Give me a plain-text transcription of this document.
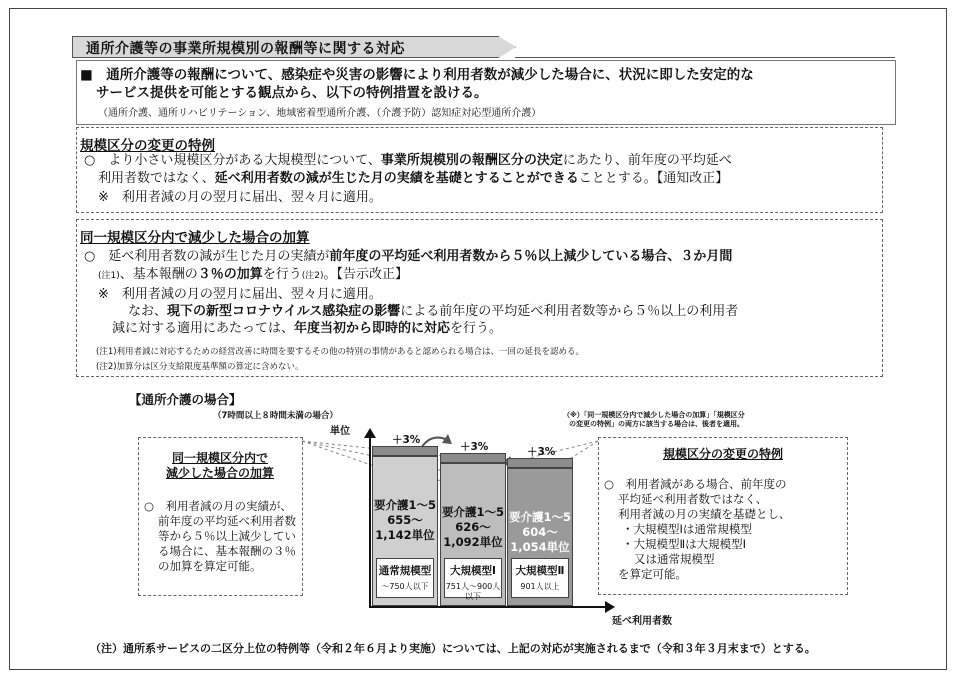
通所介護等の事業所規模別の報酬等に関する対応
■　通所介護等の報酬について、感染症や災害の影響により利用者数が減少した場合に、状況に即した安定的な
サービス提供を可能とする観点から、以下の特例措置を設ける。
（通所介護、通所リハビリテーション、地域密着型通所介護、（介護予防）認知症対応型通所介護）
規模区分の変更の特例
○　より小さい規模区分がある大規模型について、事業所規模別の報酬区分の決定にあたり、前年度の平均延べ
利用者数ではなく、延べ利用者数の減が生じた月の実績を基礎とすることができることとする。【通知改正】
※　利用者減の月の翌月に届出、翌々月に適用。
同一規模区分内で減少した場合の加算
○　延べ利用者数の減が生じた月の実績が前年度の平均延べ利用者数から５％以上減少している場合、３か月間
(注1)、基本報酬の３％の加算を行う(注2)。【告示改正】
※　利用者減の月の翌月に届出、翌々月に適用。
なお、現下の新型コロナウイルス感染症の影響による前年度の平均延べ利用者数等から５％以上の利用者
減に対する適用にあたっては、年度当初から即時的に対応を行う。
(注1)利用者減に対応するための経営改善に時間を要するその他の特別の事情があると認められる場合は、一回の延長を認める。
(注2)加算分は区分支給限度基準額の算定に含めない。
【通所介護の場合】
（7時間以上８時間未満の場合）
単位
（※）「同一規模区分内で減少した場合の加算」「規模区分
の変更の特例」の両方に該当する場合は、後者を適用。
延べ利用者数
＋3%
要介護1～5
655～
1,142単位
通常規模型
～750人以下
＋3%
要介護1～5
626～
1,092単位
大規模型Ⅰ
751人～900人以下
＋3%
要介護1～5
604～
1,054単位
大規模型Ⅱ
901人以上
同一規模区分内で
減少した場合の加算
○　利用者減の月の実績が、
前年度の平均延べ利用者数
等から５％以上減少してい
る場合に、基本報酬の３％
の加算を算定可能。
規模区分の変更の特例
○　利用者減がある場合、前年度の
平均延べ利用者数ではなく、
利用者減の月の実績を基礎とし、
・大規模型Ⅰは通常規模型
・大規模型Ⅱは大規模型Ⅰ
又は通常規模型
を算定可能。
（注）通所系サービスの二区分上位の特例等（令和２年６月より実施）については、上記の対応が実施されるまで（令和３年３月末まで）とする。
